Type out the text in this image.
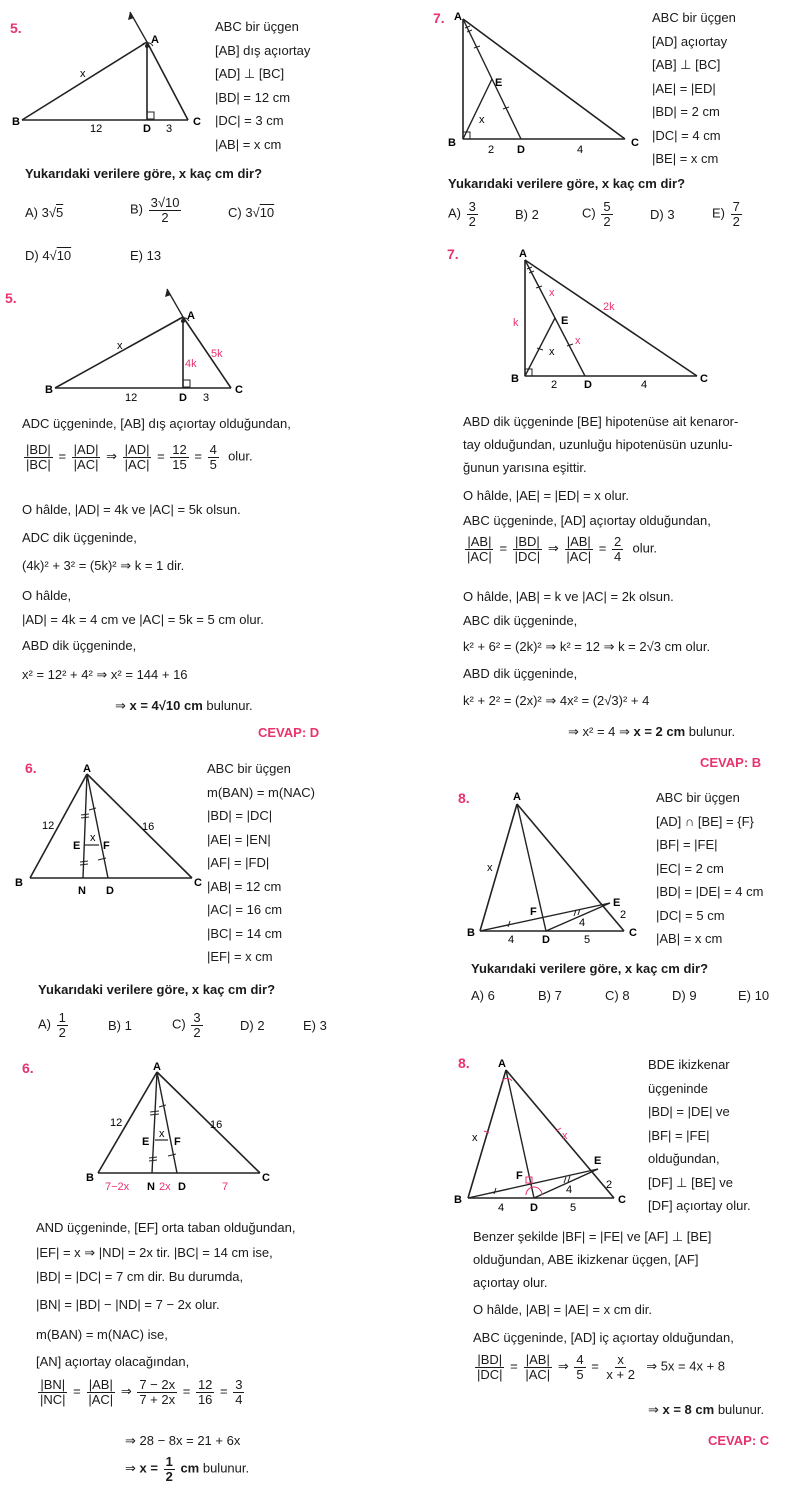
5.
A
B	C
D
x
12	3
ABC bir üçgen
[AB] dış açıortay
[AD] ⊥ [BC]
|BD| = 12 cm
|DC| = 3 cm
|AB| = x cm
Yukarıdaki verilere göre, x kaç cm dir?
A) 3√5	$B) \frac{3√10}{2}$	C) 3√10
D) 4√10	E) 13
5.
A
B	C
D
x
4k
5k
12	3
ADC üçgeninde, [AB] dış açıortay olduğundan,
$\frac{|BD|}{|BC|} = \frac{|AD|}{|AC|}$ ⇒ $\frac{|AD|}{|AC|} = \frac{12}{15} = \frac{4}{5}$ olur.
O hâlde, |AD| = 4k ve |AC| = 5k olsun.
ADC dik üçgeninde,
(4k)² + 3² = (5k)² ⇒ k = 1 dir.
O hâlde,
|AD| = 4k = 4 cm ve |AC| = 5k = 5 cm olur.
ABD dik üçgeninde,
x² = 12² + 4² ⇒ x² = 144 + 16
⇒ x = 4√10 cm bulunur.
CEVAP: D
6.	A
B	C
N D
E F
x
12	16
ABC bir üçgen
m(BAN) = m(NAC)
|BD| = |DC|
|AE| = |EN|
|AF| = |FD|
|AB| = 12 cm
|AC| = 16 cm
|BC| = 14 cm
|EF| = x cm
Yukarıdaki verilere göre, x kaç cm dir?
$A) \frac{1}{2}$	B) 1	$C) \frac{3}{2}$	D) 2	E) 3
6.	A
B	C
N D
E F
x
12	16
7−2x	2x	7
AND üçgeninde, [EF] orta taban olduğundan,
|EF| = x ⇒ |ND| = 2x tir. |BC| = 14 cm ise,
|BD| = |DC| = 7 cm dir. Bu durumda,
|BN| = |BD| − |ND| = 7 − 2x olur.
m(BAN) = m(NAC) ise,
[AN] açıortay olacağından,
$\frac{|BN|}{|NC|} = \frac{|AB|}{|AC|}$ ⇒ $\frac{7 - 2x}{7 + 2x} = \frac{12}{16} = \frac{3}{4}$
⇒ 28 − 8x = 21 + 6x
⇒ $x = \frac{1}{2}$ cm bulunur.
7. A
B	C
D
E
x
2	4
ABC bir üçgen
[AD] açıortay
[AB] ⊥ [BC]
|AE| = |ED|
|BD| = 2 cm
|DC| = 4 cm
|BE| = x cm
Yukarıdaki verilere göre, x kaç cm dir?
$A) \frac{3}{2}$	B) 2	$C) \frac{5}{2}$	D) 3	$E) \frac{7}{2}$
7.	A
B	C
D
E
x
x
x
k
2k
2	4
ABD dik üçgeninde [BE] hipotenüse ait kenaror-
tay olduğundan, uzunluğu hipotenüsün uzunlu-
ğunun yarısına eşittir.
O hâlde, |AE| = |ED| = x olur.
ABC üçgeninde, [AD] açıortay olduğundan,
$\frac{|AB|}{|AC|} = \frac{|BD|}{|DC|}$ ⇒ $\frac{|AB|}{|AC|} = \frac{2}{4}$ olur.
O hâlde, |AB| = k ve |AC| = 2k olsun.
ABC dik üçgeninde,
k² + 6² = (2k)² ⇒ k² = 12 ⇒ k = 2√3 cm olur.
ABD dik üçgeninde,
k² + 2² = (2x)² ⇒ 4x² = (2√3)² + 4
⇒ x² = 4 ⇒ x = 2 cm bulunur.
CEVAP: B
8.	A
B	C
D
E
F
x
4	5
4
2
ABC bir üçgen
[AD] ∩ [BE] = {F}
|BF| = |FE|
|EC| = 2 cm
|BD| = |DE| = 4 cm
|DC| = 5 cm
|AB| = x cm
Yukarıdaki verilere göre, x kaç cm dir?
A) 6	B) 7	C) 8	D) 9	E) 10
8.	A
B	C
D
E
F
x	x
4	5
4	2
BDE ikizkenar
üçgeninde
|BD| = |DE| ve
|BF| = |FE|
olduğundan,
[DF] ⊥ [BE] ve
[DF] açıortay olur.
Benzer şekilde |BF| = |FE| ve [AF] ⊥ [BE]
olduğundan, ABE ikizkenar üçgen, [AF]
açıortay olur.
O hâlde, |AB| = |AE| = x cm dir.
ABC üçgeninde, [AD] iç açıortay olduğundan,
$\frac{|BD|}{|DC|} = \frac{|AB|}{|AC|}$ ⇒ $\frac{4}{5} = \frac{x}{x + 2}$ ⇒ 5x = 4x + 8
⇒ x = 8 cm bulunur.
CEVAP: C
